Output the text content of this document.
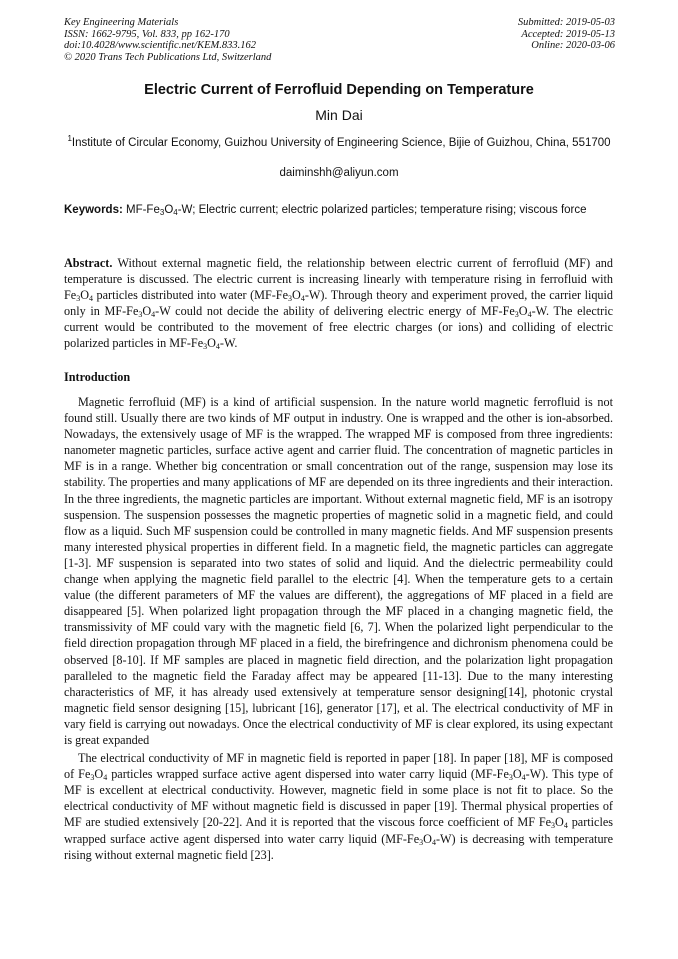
Key Engineering Materials
ISSN: 1662-9795, Vol. 833, pp 162-170
doi:10.4028/www.scientific.net/KEM.833.162
© 2020 Trans Tech Publications Ltd, Switzerland
Submitted: 2019-05-03
Accepted: 2019-05-13
Online: 2020-03-06
Electric Current of Ferrofluid Depending on Temperature
Min Dai
$^1$Institute of Circular Economy, Guizhou University of Engineering Science, Bijie of Guizhou, China, 551700
daiminshh@aliyun.com
Keywords: $MF-Fe_3O_4-W$; Electric current; electric polarized particles; temperature rising; viscous force
Abstract. Without external magnetic field, the relationship between electric current of ferrofluid (MF) and temperature is discussed. The electric current is increasing linearly with temperature rising in ferrofluid with $Fe_3O_4$ particles distributed into water $(MF-Fe_3O_4-W)$. Through theory and experiment proved, the carrier liquid only in $MF-Fe_3O_4-W$ could not decide the ability of delivering electric energy of $MF-Fe_3O_4-W$. The electric current would be contributed to the movement of free electric charges (or ions) and colliding of electric polarized particles in $MF-Fe_3O_4-W$.
Introduction

Magnetic ferrofluid (MF) is a kind of artificial suspension. In the nature world magnetic ferrofluid is not found still. Usually there are two kinds of MF output in industry. One is wrapped and the other is ion-absorbed. Nowadays, the extensively usage of MF is the wrapped. The wrapped MF is composed from three ingredients: nanometer magnetic particles, surface active agent and carrier fluid. The concentration of magnetic particles in MF is in a range. Whether big concentration or small concentration out of the range, suspension may lose its stability. The properties and many applications of MF are depended on its three ingredients and their interaction. In the three ingredients, the magnetic particles are important. Without external magnetic field, MF is an isotropy suspension. The suspension possesses the magnetic properties of magnetic solid in a magnetic field, and could flow as a liquid. Such MF suspension could be controlled in many magnetic fields. And MF suspension presents many interested physical properties in different field. In a magnetic field, the magnetic particles can aggregate [1-3]. MF suspension is separated into two states of solid and liquid. And the dielectric permeability could change when applying the magnetic field parallel to the electric [4]. When the temperature gets to a certain value (the different parameters of MF the values are different), the aggregations of MF placed in a field are disappeared [5]. When polarized light propagation through the MF placed in a changing magnetic field, the transmissivity of MF could vary with the magnetic field [6, 7]. When the polarized light perpendicular to the field direction propagation through MF placed in a field, the birefringence and dichronism phenomena could be observed [8-10]. If MF samples are placed in magnetic field direction, and the polarization light propagation paralleled to the magnetic field the Faraday affect may be appeared [11-13]. Due to the many interesting characteristics of MF, it has already used extensively at temperature sensor designing[14], photonic crystal magnetic field sensor designing [15], lubricant [16], generator [17], et al. The electrical conductivity of MF in vary field is carrying out nowadays. Once the electrical conductivity of MF is clear explored, its using expectant is great expanded

The electrical conductivity of MF in magnetic field is reported in paper [18]. In paper [18], MF is composed of $Fe_3O_4$ particles wrapped surface active agent dispersed into water carry liquid $(MF-Fe_3O_4-W)$. This type of MF is excellent at electrical conductivity. However, magnetic field in some place is not fit to place. So the electrical conductivity of MF without magnetic field is discussed in paper [19]. Thermal physical properties of MF are studied extensively [20-22]. And it is reported that the viscous force coefficient of MF $Fe_3O_4$ particles wrapped surface active agent dispersed into water carry liquid $(MF-Fe_3O_4-W)$ is decreasing with temperature rising without external magnetic field [23].
